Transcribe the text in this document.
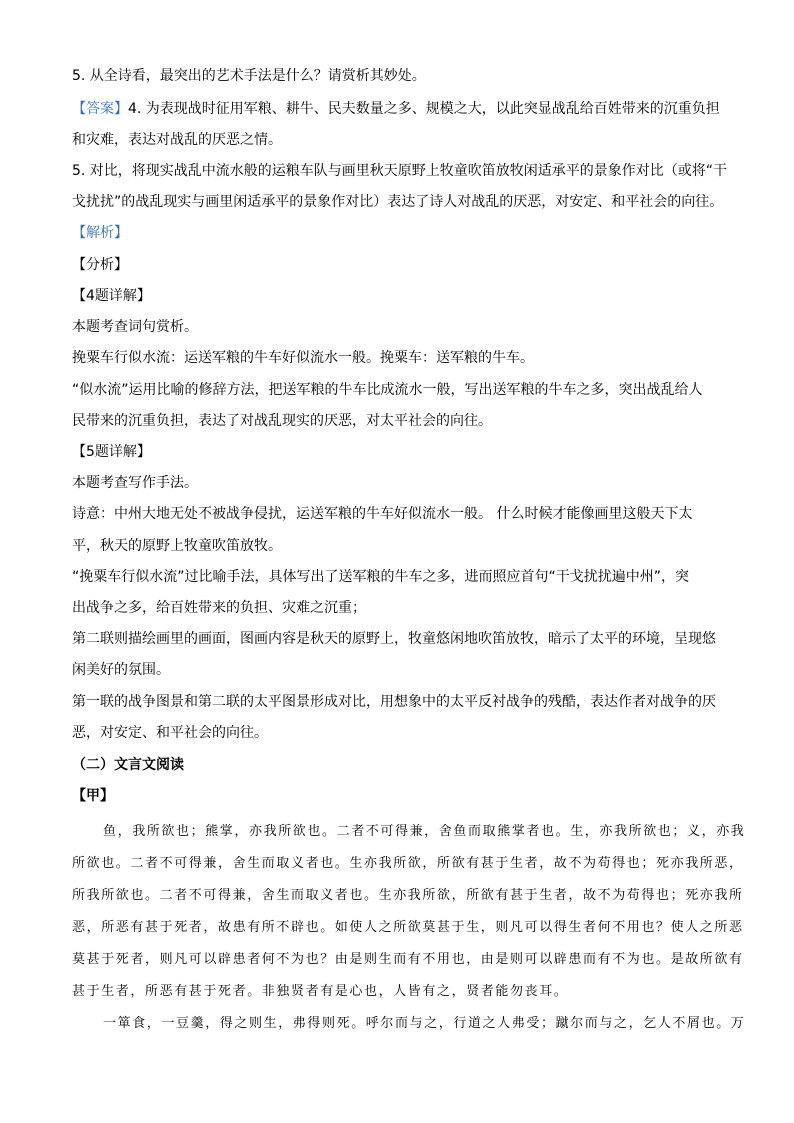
5. 从全诗看，最突出的艺术手法是什么？请赏析其妙处。
【答案】4. 为表现战时征用军粮、耕牛、民夫数量之多、规模之大，以此突显战乱给百姓带来的沉重负担
和灾难，表达对战乱的厌恶之情。
5. 对比，将现实战乱中流水般的运粮车队与画里秋天原野上牧童吹笛放牧闲适承平的景象作对比（或将“干
戈扰扰”的战乱现实与画里闲适承平的景象作对比）表达了诗人对战乱的厌恶，对安定、和平社会的向往。
【解析】
【分析】
【4题详解】
本题考查词句赏析。
挽粟车行似水流：运送军粮的牛车好似流水一般。挽粟车：送军粮的牛车。
“似水流”运用比喻的修辞方法，把送军粮的牛车比成流水一般，写出送军粮的牛车之多，突出战乱给人
民带来的沉重负担，表达了对战乱现实的厌恶，对太平社会的向往。
【5题详解】
本题考查写作手法。
诗意：中州大地无处不被战争侵扰，运送军粮的牛车好似流水一般。 什么时候才能像画里这般天下太
平，秋天的原野上牧童吹笛放牧。
“挽粟车行似水流”过比喻手法，具体写出了送军粮的牛车之多，进而照应首句“干戈扰扰遍中州”，突
出战争之多，给百姓带来的负担、灾难之沉重；
第二联则描绘画里的画面，图画内容是秋天的原野上，牧童悠闲地吹笛放牧，暗示了太平的环境，呈现悠
闲美好的氛围。
第一联的战争图景和第二联的太平图景形成对比，用想象中的太平反衬战争的残酷，表达作者对战争的厌
恶，对安定、和平社会的向往。
（二）文言文阅读
【甲】
鱼，我所欲也；熊掌，亦我所欲也。二者不可得兼，舍鱼而取熊掌者也。生，亦我所欲也；义，亦我
所欲也。二者不可得兼，舍生而取义者也。生亦我所欲，所欲有甚于生者，故不为苟得也；死亦我所恶，
所我所欲也。二者不可得兼，舍生而取义者也。生亦我所欲，所欲有甚于生者，故不为苟得也；死亦我所
恶，所恶有甚于死者，故患有所不辟也。如使人之所欲莫甚于生，则凡可以得生者何不用也？使人之所恶
莫甚于死者，则凡可以辟患者何不为也？由是则生而有不用也，由是则可以辟患而有不为也。是故所欲有
甚于生者，所恶有甚于死者。非独贤者有是心也，人皆有之，贤者能勿丧耳。
一箪食，一豆羹，得之则生，弗得则死。呼尔而与之，行道之人弗受；蹴尔而与之，乞人不屑也。万
